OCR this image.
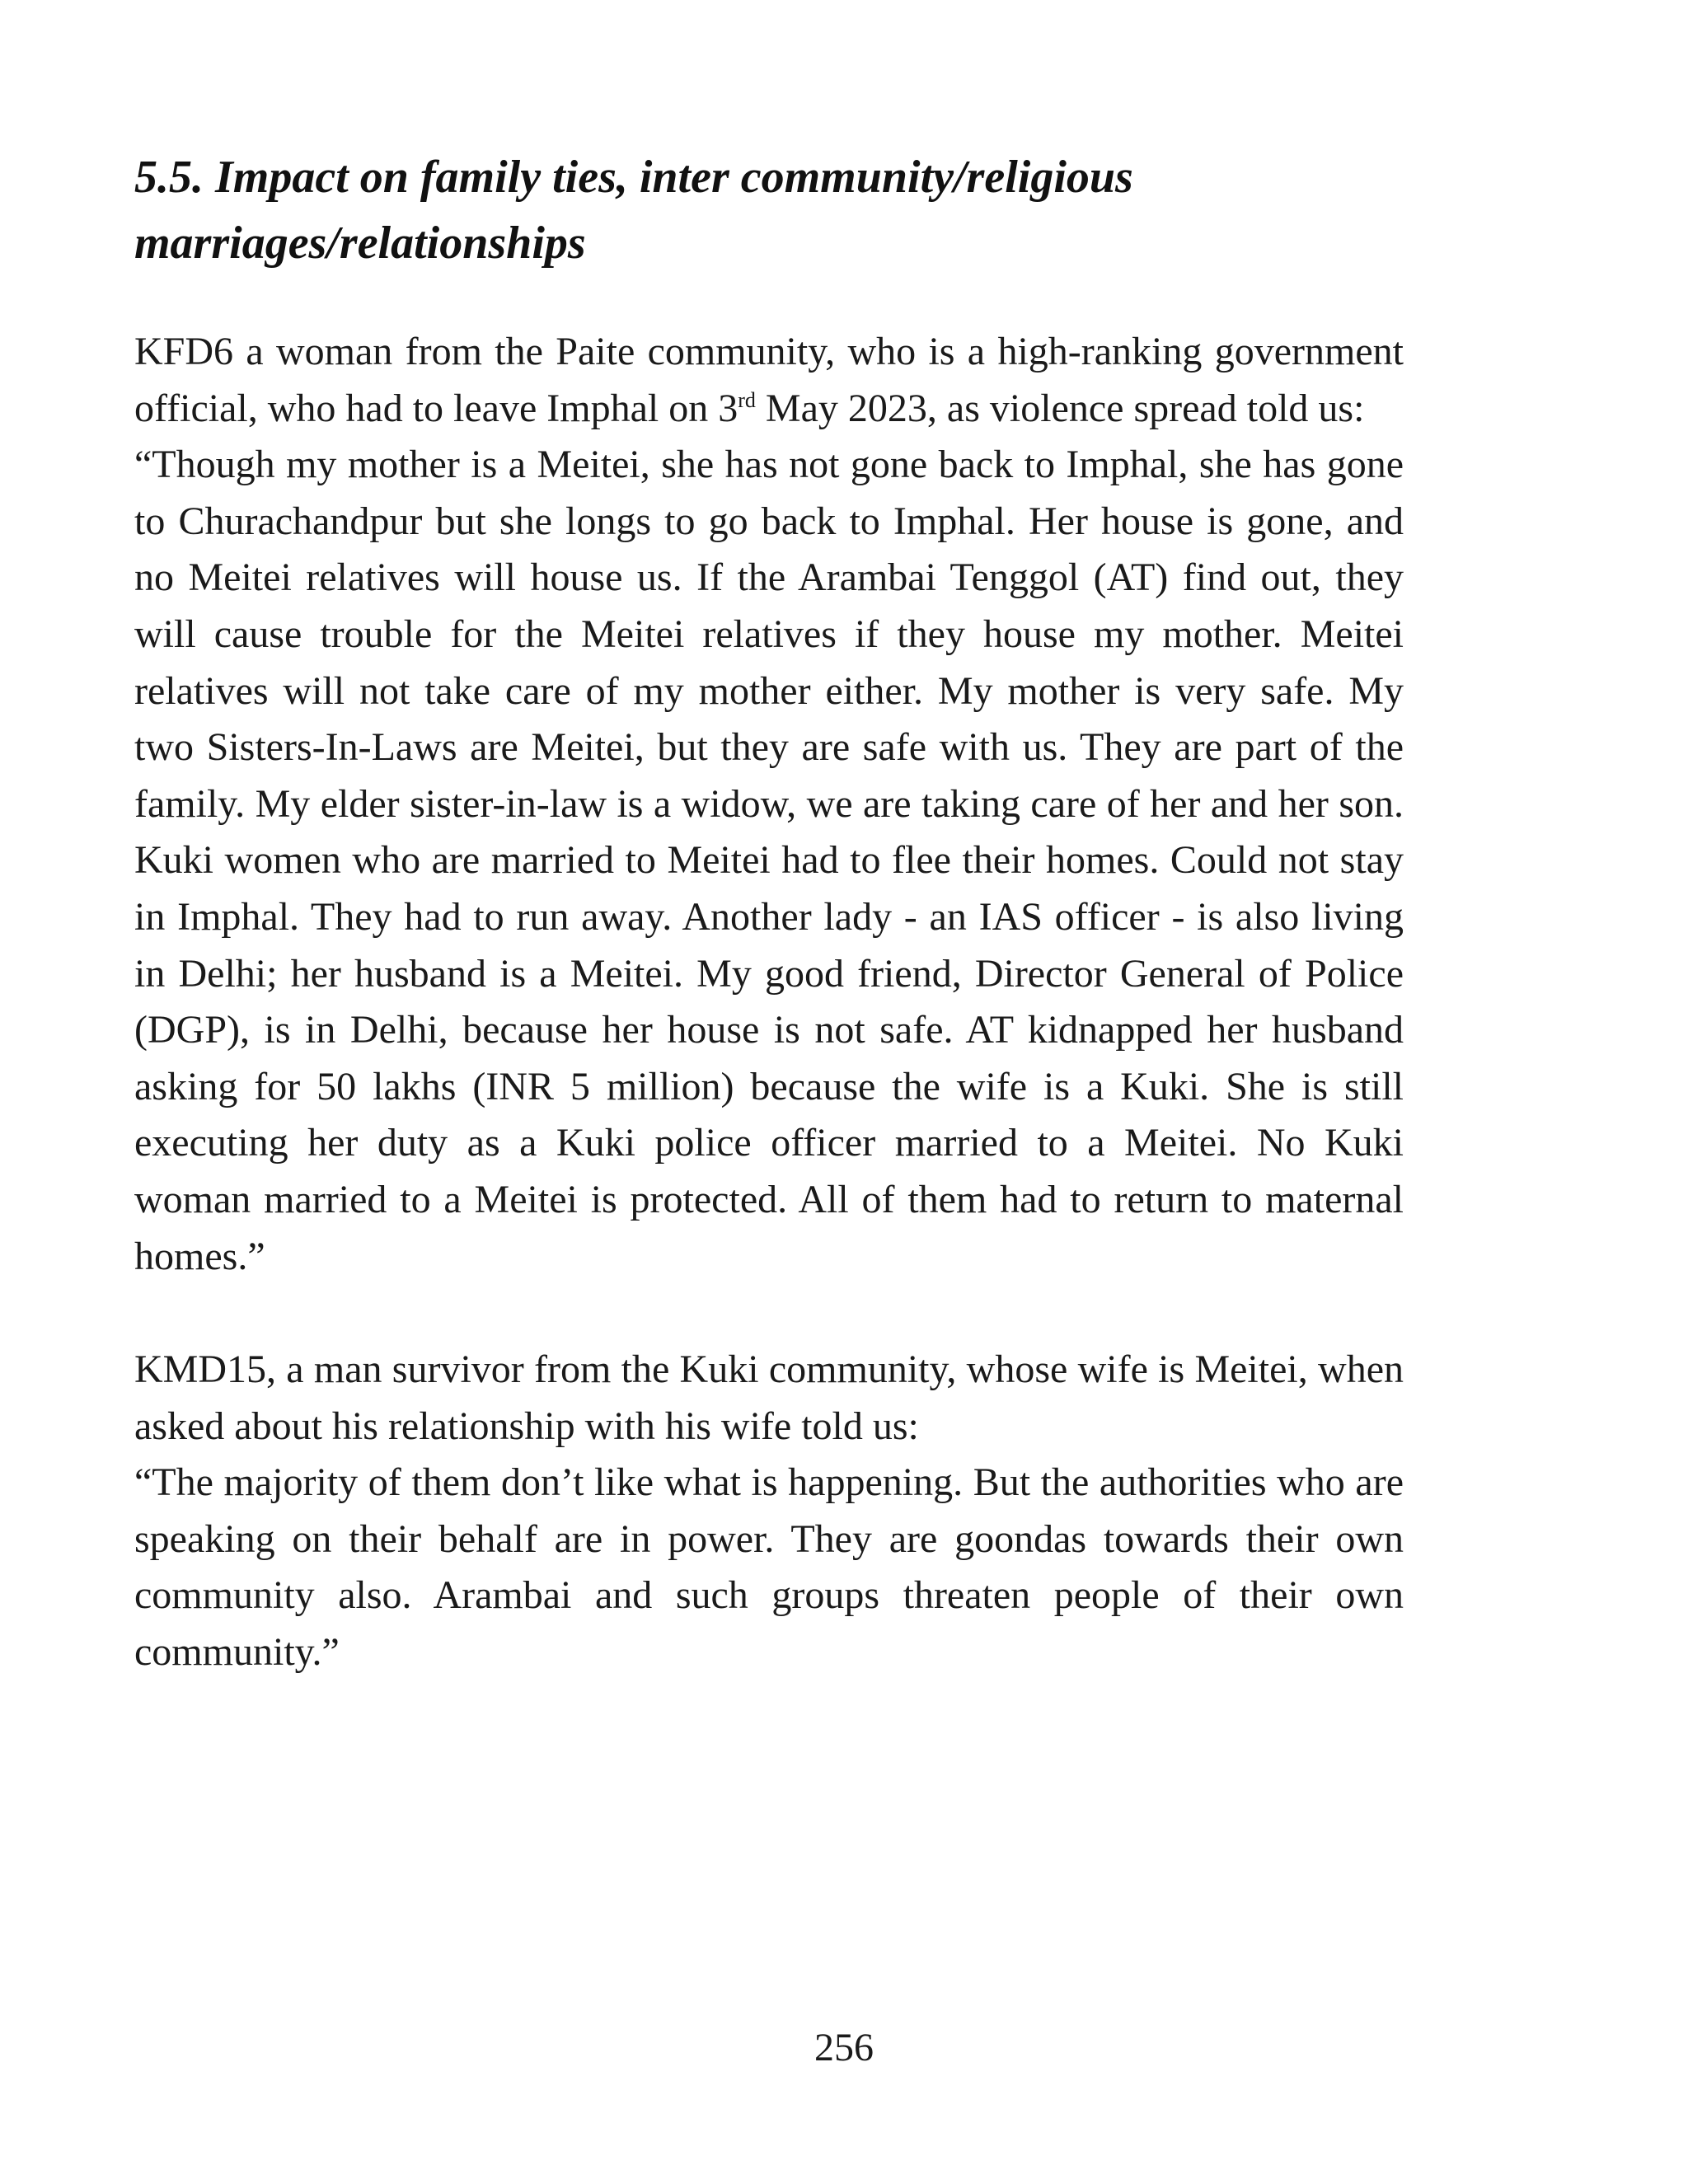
5.5. Impact on family ties, inter community/religious marriages/relationships

KFD6 a woman from the Paite community, who is a high-ranking government official, who had to leave Imphal on 3rd May 2023, as violence spread told us:

“Though my mother is a Meitei, she has not gone back to Imphal, she has gone to Churachandpur but she longs to go back to Imphal. Her house is gone, and no Meitei relatives will house us. If the Arambai Tenggol (AT) find out, they will cause trouble for the Meitei relatives if they house my mother. Meitei relatives will not take care of my mother either. My mother is very safe. My two Sisters-In-Laws are Meitei, but they are safe with us. They are part of the family. My elder sister-in-law is a widow, we are taking care of her and her son. Kuki women who are married to Meitei had to flee their homes. Could not stay in Imphal. They had to run away. Another lady - an IAS officer - is also living in Delhi; her husband is a Meitei. My good friend, Director General of Police (DGP), is in Delhi, because her house is not safe. AT kidnapped her husband asking for 50 lakhs (INR 5 million) because the wife is a Kuki. She is still executing her duty as a Kuki police officer married to a Meitei. No Kuki woman married to a Meitei is protected. All of them had to return to maternal homes.”

KMD15, a man survivor from the Kuki community, whose wife is Meitei, when asked about his relationship with his wife told us:

“The majority of them don’t like what is happening. But the authorities who are speaking on their behalf are in power. They are goondas towards their own community also. Arambai and such groups threaten people of their own community.”

256
